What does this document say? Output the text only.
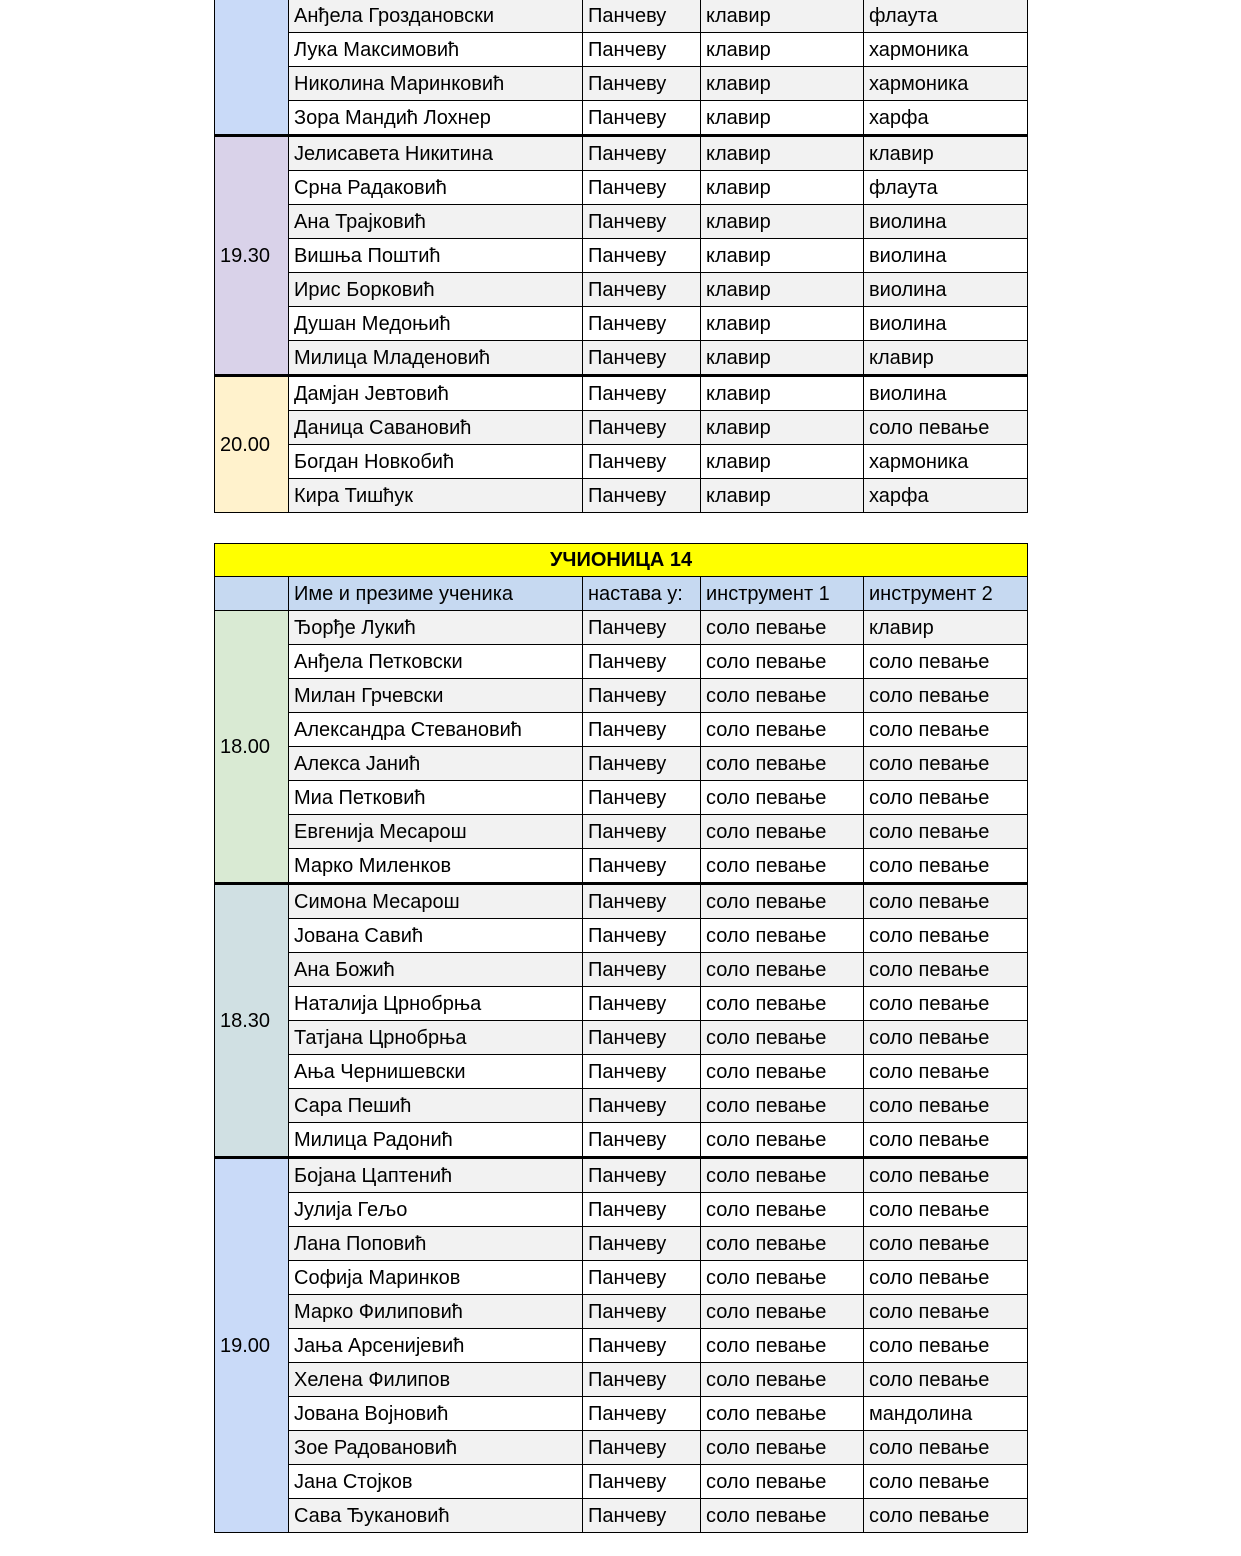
	Анђела Гроздановски	Панчеву	клавир	флаута
	Лука Максимовић	Панчеву	клавир	хармоника
	Николина Маринковић	Панчеву	клавир	хармоника
	Зора Мандић Лохнер	Панчеву	клавир	харфа
19.30	Јелисавета Никитина	Панчеву	клавир	клавир
	Срна Радаковић	Панчеву	клавир	флаута
	Ана Трајковић	Панчеву	клавир	виолина
	Вишња Поштић	Панчеву	клавир	виолина
	Ирис Борковић	Панчеву	клавир	виолина
	Душан Медоњић	Панчеву	клавир	виолина
	Милица Младеновић	Панчеву	клавир	клавир
20.00	Дамјан Јевтовић	Панчеву	клавир	виолина
	Даница Савановић	Панчеву	клавир	соло певање
	Богдан Новкобић	Панчеву	клавир	хармоника
	Кира Тишћук	Панчеву	клавир	харфа
УЧИОНИЦА 14				
	Име и презиме ученика	настава у:	инструмент 1	инструмент 2
18.00	Ђорђе Лукић	Панчеву	соло певање	клавир
	Анђела Петковски	Панчеву	соло певање	соло певање
	Милан Грчевски	Панчеву	соло певање	соло певање
	Александра Стевановић	Панчеву	соло певање	соло певање
	Алекса Јанић	Панчеву	соло певање	соло певање
	Миа Петковић	Панчеву	соло певање	соло певање
	Евгенија Месарош	Панчеву	соло певање	соло певање
	Марко Миленков	Панчеву	соло певање	соло певање
18.30	Симона Месарош	Панчеву	соло певање	соло певање
	Јована Савић	Панчеву	соло певање	соло певање
	Ана Божић	Панчеву	соло певање	соло певање
	Наталија Црнобрња	Панчеву	соло певање	соло певање
	Татјана Црнобрња	Панчеву	соло певање	соло певање
	Ања Чернишевски	Панчеву	соло певање	соло певање
	Сара Пешић	Панчеву	соло певање	соло певање
	Милица Радонић	Панчеву	соло певање	соло певање
19.00	Бојана Цаптенић	Панчеву	соло певање	соло певање
	Јулија Гељо	Панчеву	соло певање	соло певање
	Лана Поповић	Панчеву	соло певање	соло певање
	Софија Маринков	Панчеву	соло певање	соло певање
	Марко Филиповић	Панчеву	соло певање	соло певање
	Јања Арсенијевић	Панчеву	соло певање	соло певање
	Хелена Филипов	Панчеву	соло певање	соло певање
	Јована Војновић	Панчеву	соло певање	мандолина
	Зое Радовановић	Панчеву	соло певање	соло певање
	Јана Стојков	Панчеву	соло певање	соло певање
	Сава Ђукановић	Панчеву	соло певање	соло певање
